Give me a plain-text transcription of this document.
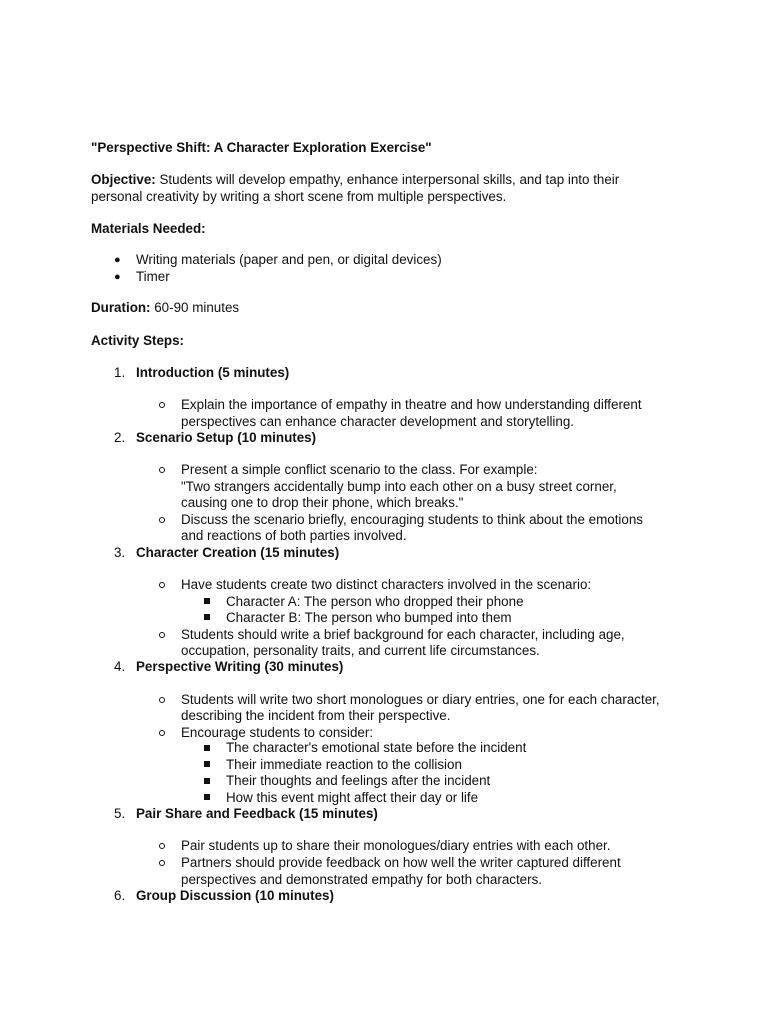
"Perspective Shift: A Character Exploration Exercise"
Objective: Students will develop empathy, enhance interpersonal skills, and tap into their
personal creativity by writing a short scene from multiple perspectives.
Materials Needed:
● Writing materials (paper and pen, or digital devices)
● Timer
Duration: 60-90 minutes
Activity Steps:
1. Introduction (5 minutes)
Explain the importance of empathy in theatre and how understanding different
perspectives can enhance character development and storytelling.
2. Scenario Setup (10 minutes)
Present a simple conflict scenario to the class. For example:
"Two strangers accidentally bump into each other on a busy street corner,
causing one to drop their phone, which breaks."
Discuss the scenario briefly, encouraging students to think about the emotions
and reactions of both parties involved.
3. Character Creation (15 minutes)
Have students create two distinct characters involved in the scenario:
Character A: The person who dropped their phone
Character B: The person who bumped into them
Students should write a brief background for each character, including age,
occupation, personality traits, and current life circumstances.
4. Perspective Writing (30 minutes)
Students will write two short monologues or diary entries, one for each character,
describing the incident from their perspective.
Encourage students to consider:
The character's emotional state before the incident
Their immediate reaction to the collision
Their thoughts and feelings after the incident
How this event might affect their day or life
5. Pair Share and Feedback (15 minutes)
Pair students up to share their monologues/diary entries with each other.
Partners should provide feedback on how well the writer captured different
perspectives and demonstrated empathy for both characters.
6. Group Discussion (10 minutes)
